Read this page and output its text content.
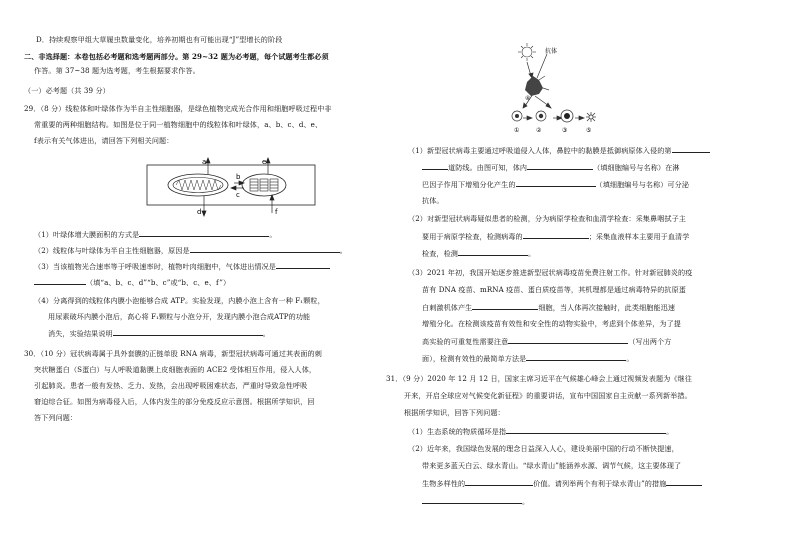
D．持续观察甲组大草履虫数量变化，培养初期也有可能出现“J”型增长的阶段
二、非选择题：本卷包括必考题和选考题两部分。第 29~32 题为必考题，每个试题考生都必须
作答。第 37~38 题为选考题，考生根据要求作答。
（一）必考题（共 39 分）
29．（8 分）线粒体和叶绿体作为半自主性细胞器，是绿色植物完成光合作用和细胞呼吸过程中非
常重要的两种细胞结构。如图是位于同一植物细胞中的线粒体和叶绿体，a、b、c、d、e、
f表示有关气体进出，请回答下列相关问题：
a
b
c
d
e
f
（1）叶绿体增大膜面积的方式是	。
（2）线粒体与叶绿体为半自主性细胞器，原因是	。
（3）当该植物光合速率等于呼吸速率时，植物叶肉细胞中，气体进出情况是
（填“a、b、c、d”“b、c”或“b、c、e、f”）
（4）分离得到的线粒体内膜小泡能够合成 ATP。实验发现，内膜小泡上含有一种 F₁颗粒，
用尿素破坏内膜小泡后，高心将 F₁颗粒与小泡分开，发现内膜小泡合成ATP的功能
消失，实验结果说明	。
30．（10 分）冠状病毒属于具外套膜的正链单股 RNA 病毒，新型冠状病毒可通过其表面的刺
突状糖蛋白（S蛋白）与人呼吸道黏膜上皮细胞表面的 ACE2 受体相互作用，侵入人体，
引起肺炎。患者一般有发热、乏力、发热，会出现呼吸困难状态，严重时导致急性呼吸
窘迫综合征。如图为病毒侵入后，人体内发生的部分免疫反应示意图。根据所学知识，回
答下列问题：
抗体
①	②	③
④
⑤
（1）新型冠状病毒主要通过呼吸道侵入人体，鼻腔中的黏膜是抵御病原体入侵的第
道防线。由图可知，体内	（填细胞编号与名称）在淋
巴因子作用下增殖分化产生的	（填细胞编号与名称）可分泌
抗体。
（2）对新型冠状病毒疑似患者的检测，分为病原学检查和血清学检查：采集鼻咽拭子主
要用于病原学检查，检测病毒的	；采集血液样本主要用于血清学
检查，检测	。
（3）2021 年初，我国开始逐步推进新型冠状病毒疫苗免费注射工作。针对新冠肺炎的疫
苗有 DNA 疫苗、mRNA 疫苗、蛋白质疫苗等，其机理都是通过病毒特异的抗原蛋
白刺激机体产生	细胞，当人体再次接触时，此类细胞能迅速
增殖分化。在检测该疫苗有效性和安全性的动物实验中，考虑到个体差异，为了提
高实验的可重复性需要注意	（写出两个方
面），检测有效性的最简单方法是	。
31．（9 分）2020 年 12 月 12 日，国家主席习近平在气候雄心峰会上通过视频发表题为《继往
开来，开启全球应对气候变化新征程》的重要讲话，宣布中国国家自主贡献一系列新举措。
根据所学知识，回答下列问题：
（1）生态系统的物质循环是指	。
（2）近年来，我国绿色发展的理念日益深入人心，建设美丽中国的行动不断快提速，
带来更多蓝天白云、绿水青山。“绿水青山”能涵养水源、调节气候，这主要体现了
生物多样性的	价值。请列举两个有利于绿水青山”的措施
。
